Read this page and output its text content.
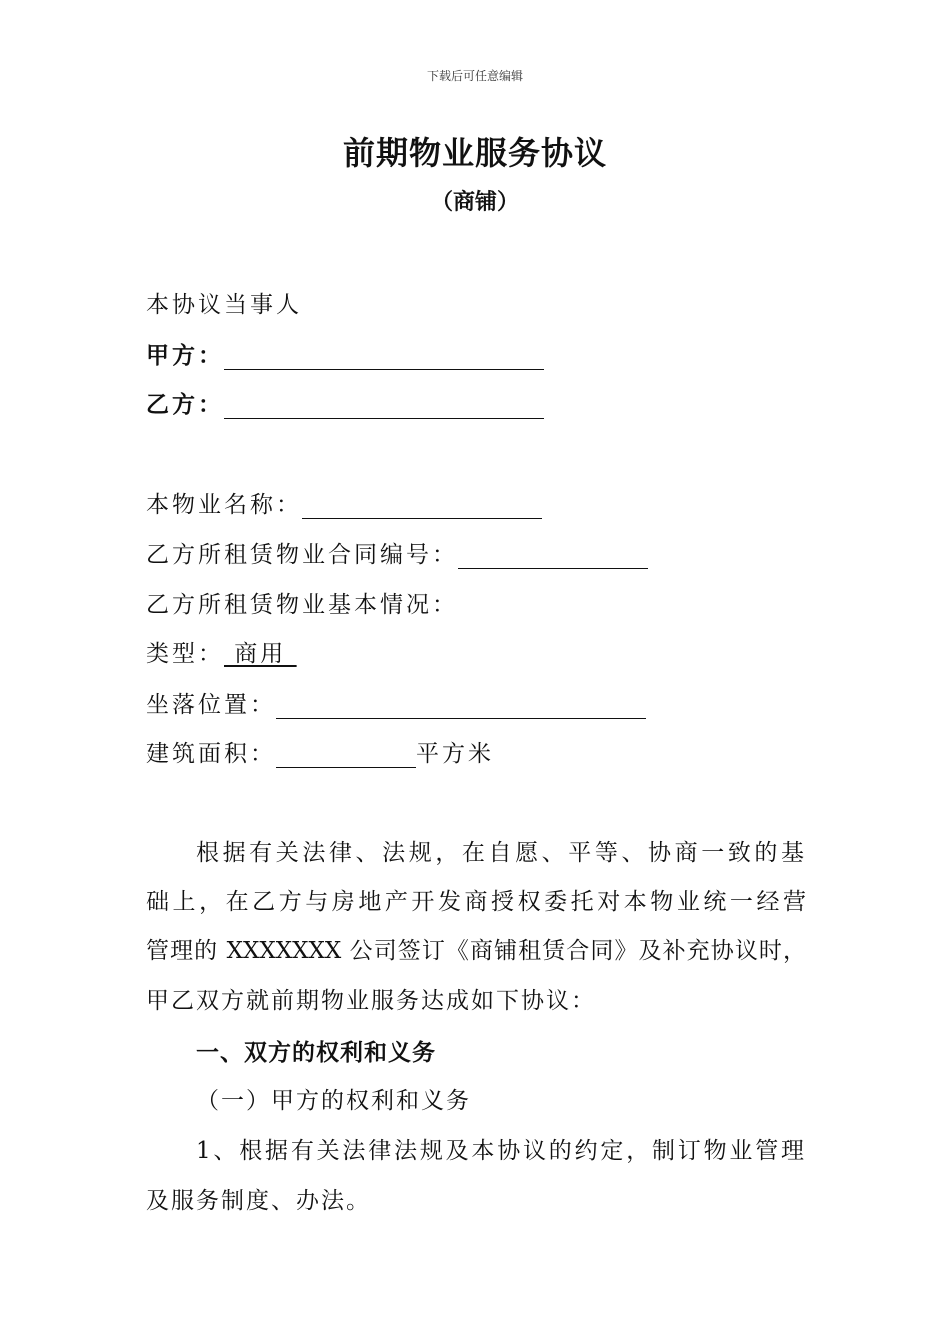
下载后可任意编辑
前期物业服务协议
（商铺）
本协议当事人
甲方：
乙方：
本物业名称：
乙方所租赁物业合同编号：
乙方所租赁物业基本情况：
类型： 商用
坐落位置：
建筑面积：	平方米
根据有关法律、法规，在自愿、平等、协商一致的基
础上，在乙方与房地产开发商授权委托对本物业统一经营
管理的 XXXXXXX 公司签订《商铺租赁合同》及补充协议时，
甲乙双方就前期物业服务达成如下协议：
一、双方的权利和义务
（一）甲方的权利和义务
1、根据有关法律法规及本协议的约定，制订物业管理
及服务制度、办法。
